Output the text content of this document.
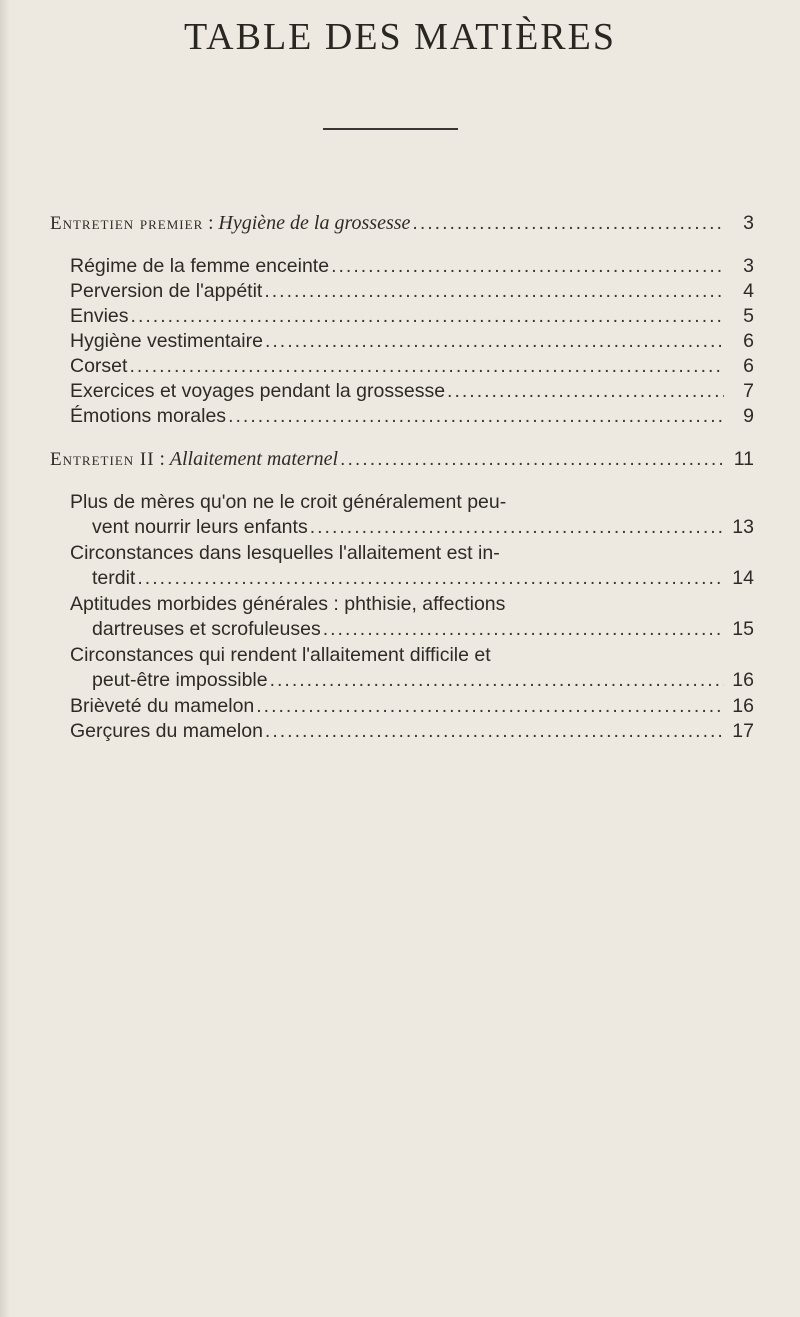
TABLE DES MATIÈRES
Entretien premier : Hygiène de la grossesse .....	3
Régime de la femme enceinte .....	3
Perversion de l'appétit .....	4
Envies .....	5
Hygiène vestimentaire .....	6
Corset .....	6
Exercices et voyages pendant la grossesse .....	7
Émotions morales .....	9
Entretien II : Allaitement maternel .....	11
Plus de mères qu'on ne le croit généralement peu-
vent nourrir leurs enfants .....	13
Circonstances dans lesquelles l'allaitement est in-
terdit .....	14
Aptitudes morbides générales : phthisie, affections
dartreuses et scrofuleuses .....	15
Circonstances qui rendent l'allaitement difficile et
peut-être impossible .....	16
Brièveté du mamelon .....	16
Gerçures du mamelon .....	17
